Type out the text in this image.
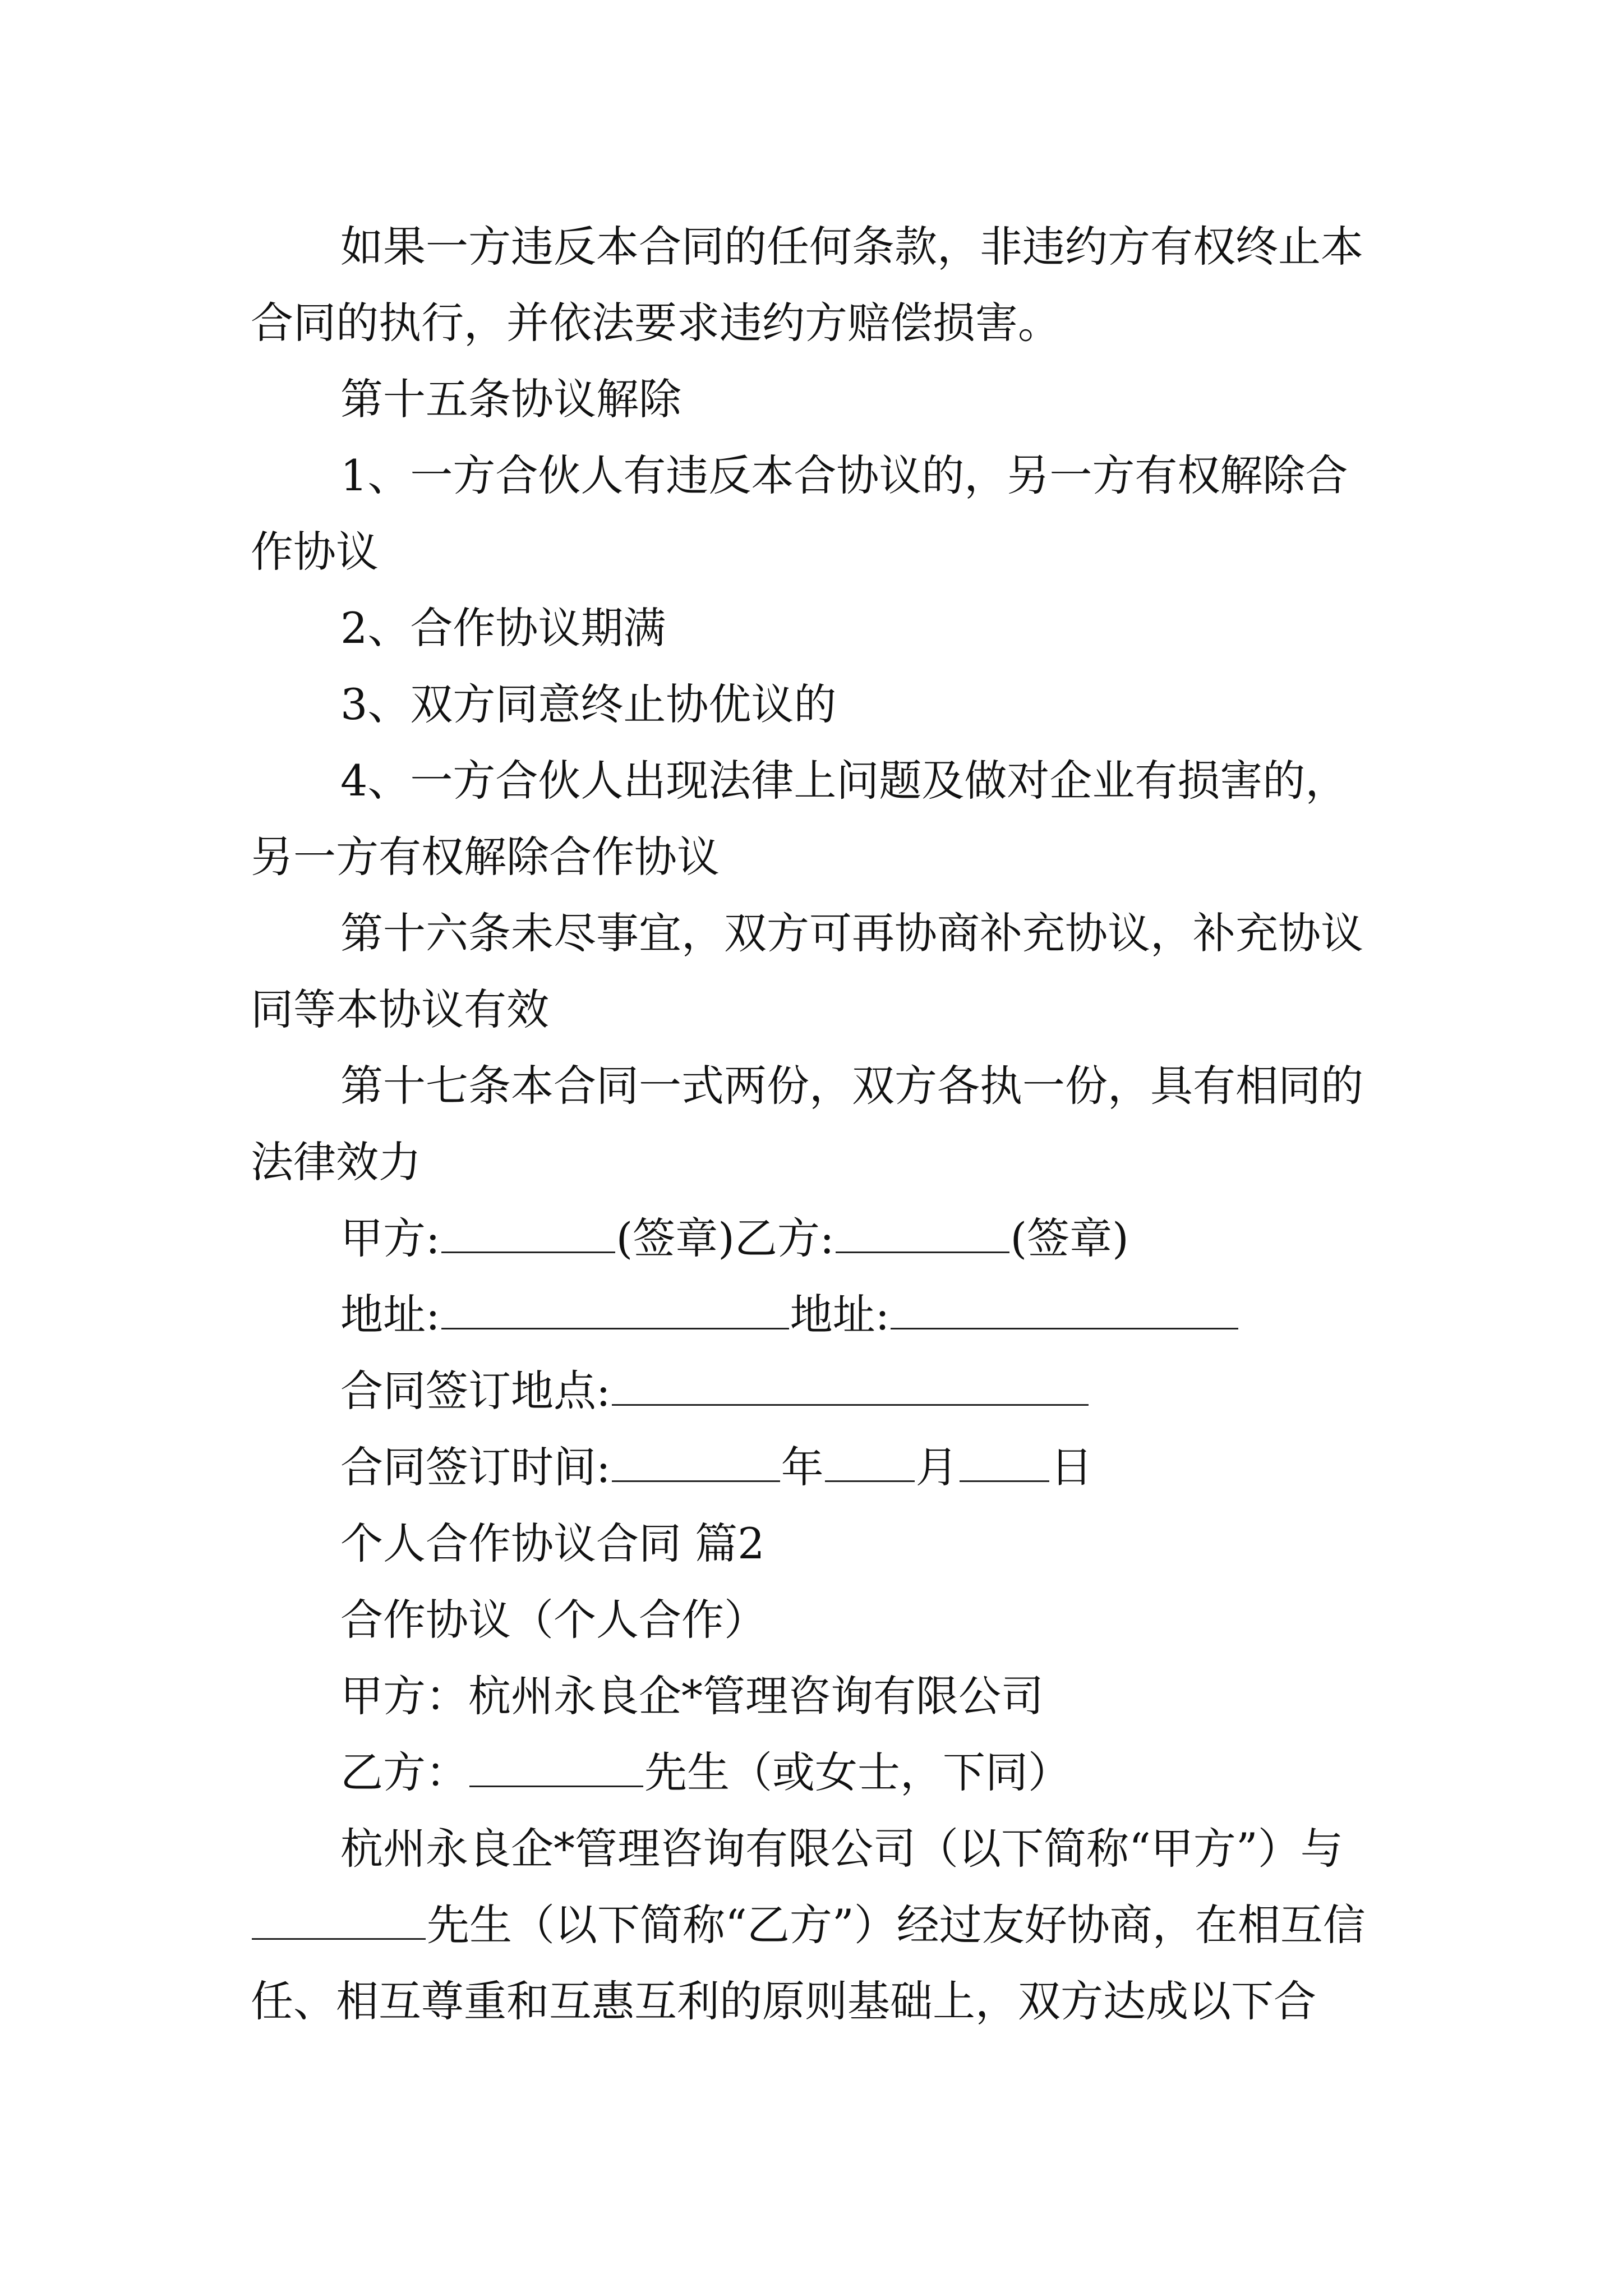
如果一方违反本合同的任何条款，非违约方有权终止本合同的执行，并依法要求违约方赔偿损害。

第十五条协议解除

1、一方合伙人有违反本合协议的，另一方有权解除合作协议

2、合作协议期满

3、双方同意终止协优议的

4、一方合伙人出现法律上问题及做对企业有损害的，另一方有权解除合作协议

第十六条未尽事宜，双方可再协商补充协议，补充协议同等本协议有效

第十七条本合同一式两份，双方各执一份，具有相同的法律效力

甲方:	(签章)乙方:	(签章)

地址:	地址:

合同签订地点:

合同签订时间:	年 月 日

个人合作协议合同 篇2

合作协议（个人合作）

甲方：杭州永良企*管理咨询有限公司

乙方：	先生（或女士，下同）

杭州永良企*管理咨询有限公司（以下简称“甲方”）与先生（以下简称“乙方”）经过友好协商，在相互信任、相互尊重和互惠互利的原则基础上，双方达成以下合
